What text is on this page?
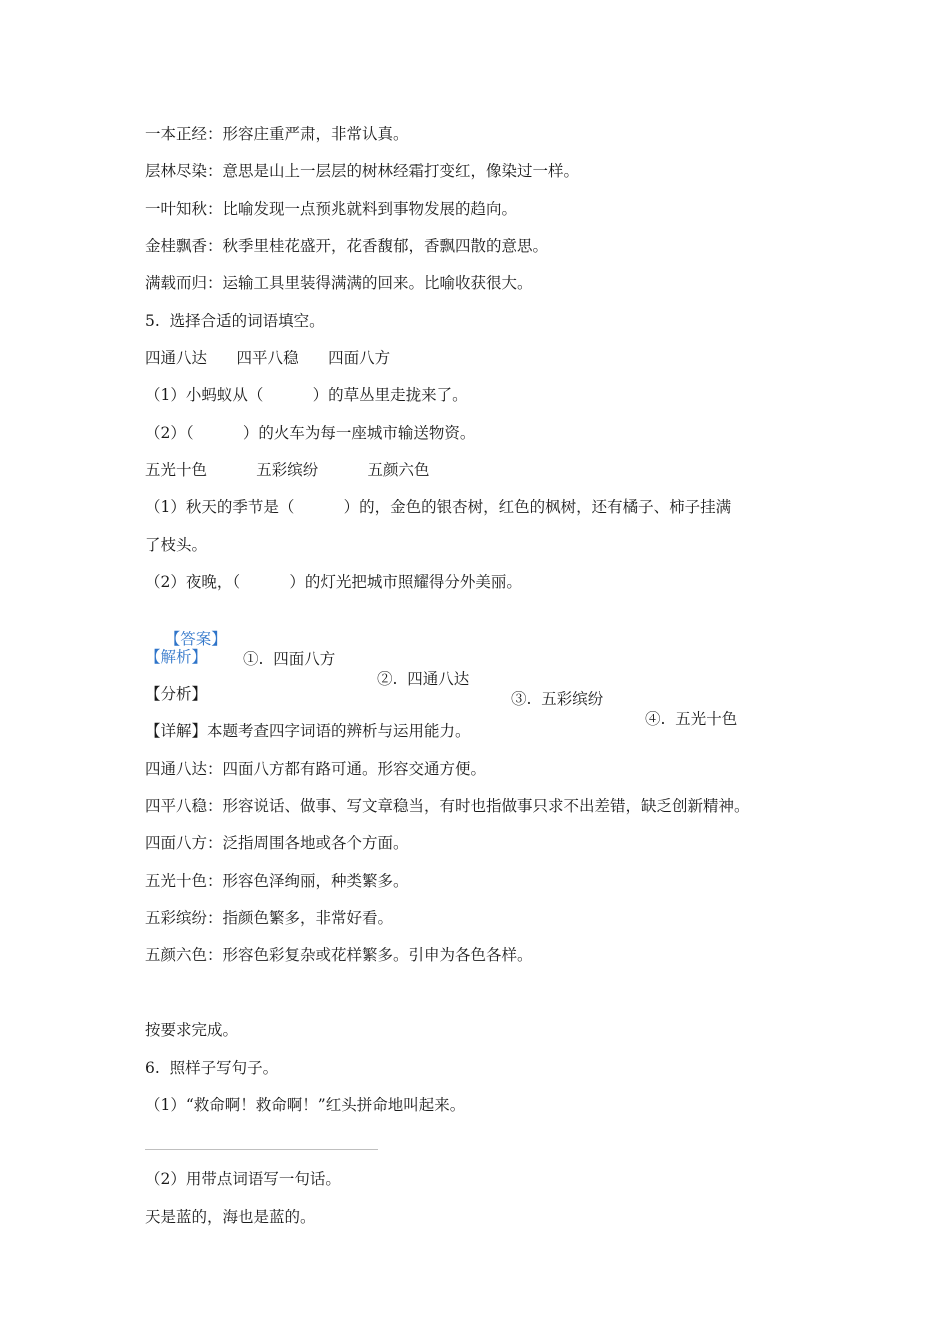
一本正经：形容庄重严肃，非常认真。
层林尽染：意思是山上一层层的树林经霜打变红，像染过一样。
一叶知秋：比喻发现一点预兆就料到事物发展的趋向。
金桂飘香：秋季里桂花盛开，花香馥郁，香飘四散的意思。
满载而归：运输工具里装得满满的回来。比喻收获很大。
5.  选择合适的词语填空。
四通八达      四平八稳      四面八方
（1）小蚂蚁从（          ）的草丛里走拢来了。
（2）（          ）的火车为每一座城市输送物资。
五光十色          五彩缤纷          五颜六色
（1）秋天的季节是（          ）的，金色的银杏树，红色的枫树，还有橘子、柿子挂满
了枝头。
（2）夜晚，（          ）的灯光把城市照耀得分外美丽。

【答案】

①.  四面八方

②.  四通八达

③.  五彩缤纷

④.  五光十色

【解析】
【分析】
【详解】本题考查四字词语的辨析与运用能力。
四通八达：四面八方都有路可通。形容交通方便。
四平八稳：形容说话、做事、写文章稳当，有时也指做事只求不出差错，缺乏创新精神。
四面八方：泛指周围各地或各个方面。
五光十色：形容色泽绚丽，种类繁多。
五彩缤纷：指颜色繁多，非常好看。
五颜六色：形容色彩复杂或花样繁多。引申为各色各样。
按要求完成。
6.  照样子写句子。
（1）“救命啊！救命啊！”红头拼命地叫起来。
（2）用带点词语写一句话。
天是蓝的，海也是蓝的。
